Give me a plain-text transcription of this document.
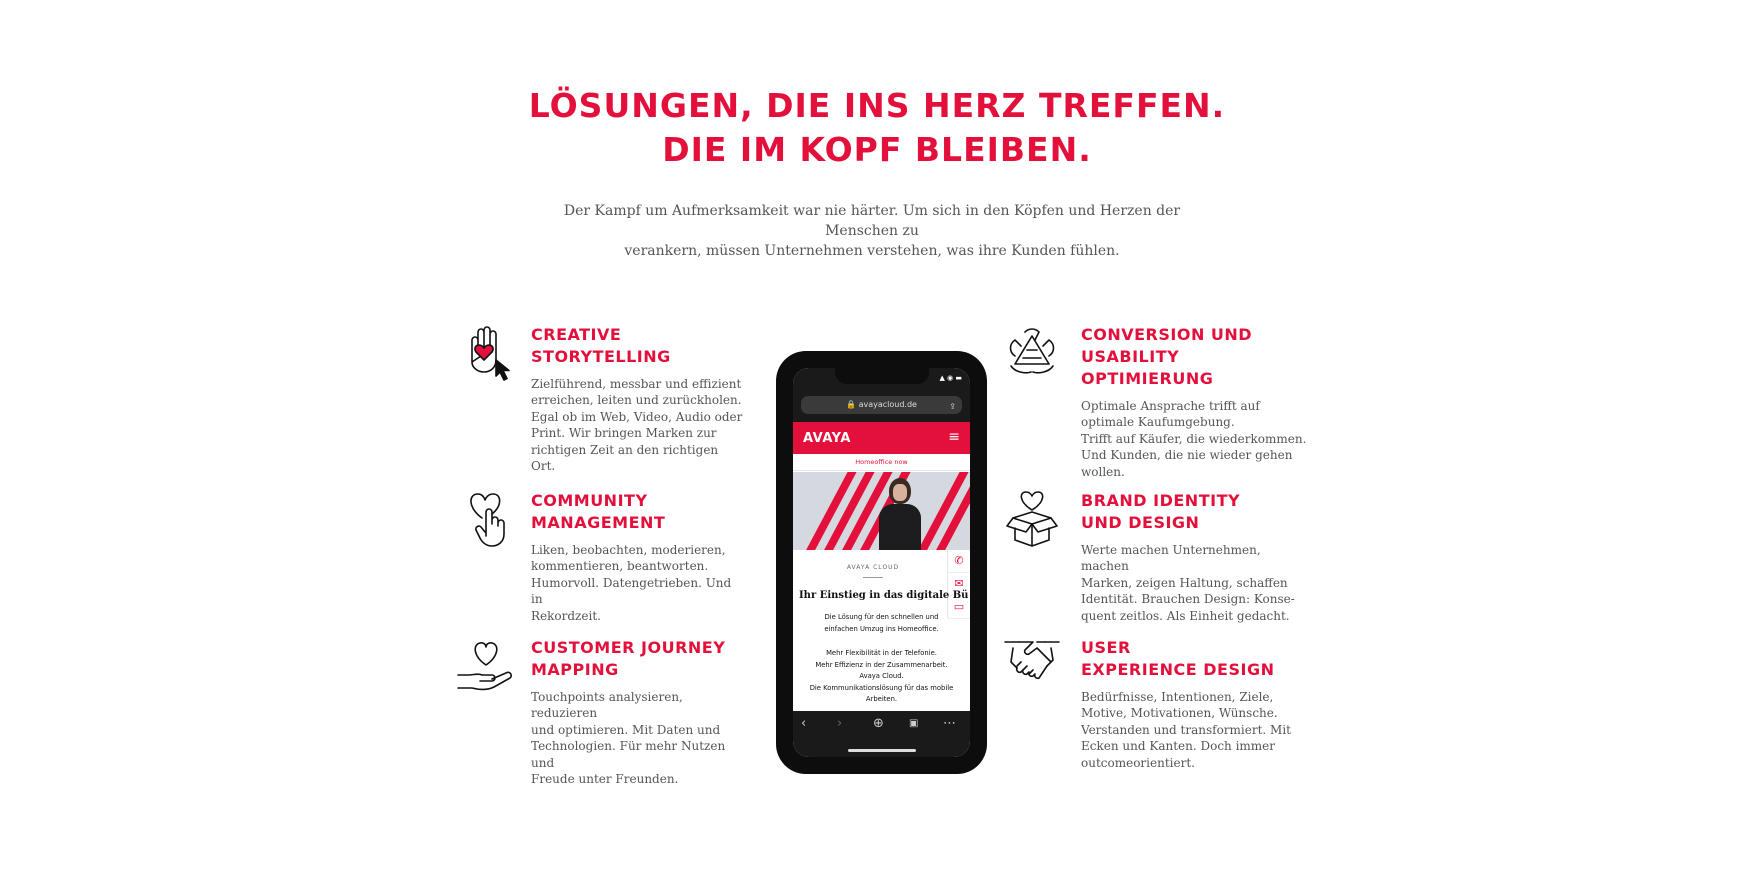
LÖSUNGEN, DIE INS HERZ TREFFEN.
DIE IM KOPF BLEIBEN.

Der Kampf um Aufmerksamkeit war nie härter. Um sich in den Köpfen und Herzen der Menschen zu
verankern, müssen Unternehmen verstehen, was ihre Kunden fühlen.

CREATIVE
STORYTELLING

Zielführend, messbar und effizient
erreichen, leiten und zurückholen.
Egal ob im Web, Video, Audio oder
Print. Wir bringen Marken zur
richtigen Zeit an den richtigen Ort.

COMMUNITY
MANAGEMENT

Liken, beobachten, moderieren,
kommentieren, beantworten.
Humorvoll. Datengetrieben. Und in
Rekordzeit.

CUSTOMER JOURNEY
MAPPING

Touchpoints analysieren, reduzieren
und optimieren. Mit Daten und
Technologien. Für mehr Nutzen und
Freude unter Freunden.

▲ ◉ ▬
🔒 avayacloud.de	⇪
AVAYA	≡
Homeoffice now
✆
✉
▭
AVAYA CLOUD
Ihr Einstieg in das digitale Bü
Die Lösung für den schnellen und
einfachen Umzug ins Homeoffice.
Mehr Flexibilität in der Telefonie.
Mehr Effizienz in der Zusammenarbeit.
Avaya Cloud.
Die Kommunikationslösung für das mobile
Arbeiten.
‹ › ⊕	▣ ⋯
CONVERSION UND
USABILITY OPTIMIERUNG

Optimale Ansprache trifft auf
optimale Kaufumgebung.
Trifft auf Käufer, die wiederkommen.
Und Kunden, die nie wieder gehen
wollen.

BRAND IDENTITY
UND DESIGN

Werte machen Unternehmen, machen
Marken, zeigen Haltung, schaffen
Identität. Brauchen Design: Konse-
quent zeitlos. Als Einheit gedacht.

USER
EXPERIENCE DESIGN

Bedürfnisse, Intentionen, Ziele,
Motive, Motivationen, Wünsche.
Verstanden und transformiert. Mit
Ecken und Kanten. Doch immer
outcomeorientiert.
